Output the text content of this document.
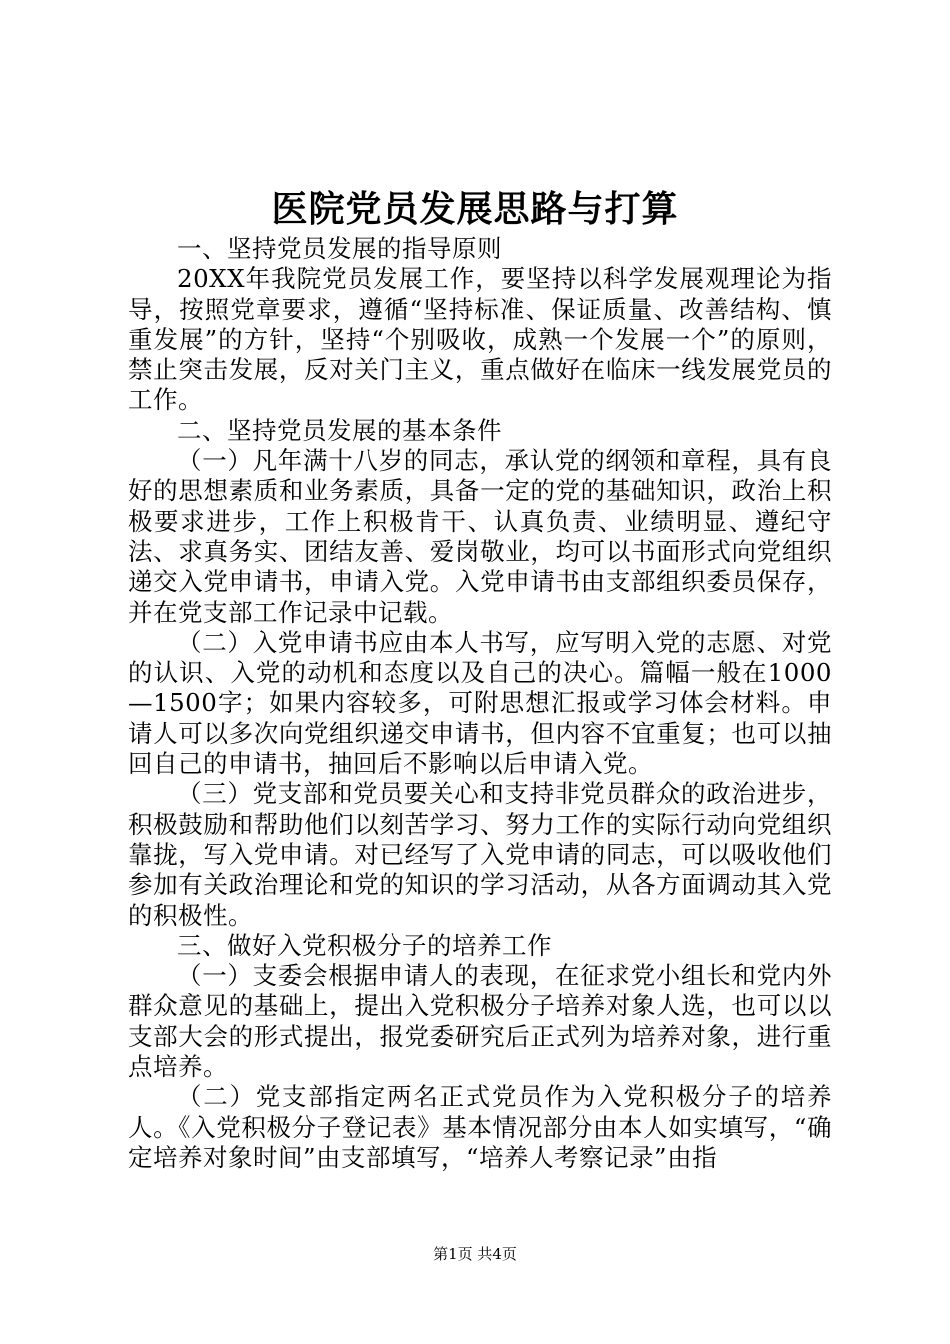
医院党员发展思路与打算

一、坚持党员发展的指导原则

20XX年我院党员发展工作，要坚持以科学发展观理论为指导，按照党章要求，遵循“坚持标准、保证质量、改善结构、慎重发展”的方针，坚持“个别吸收，成熟一个发展一个”的原则，禁止突击发展，反对关门主义，重点做好在临床一线发展党员的工作。

二、坚持党员发展的基本条件

（一）凡年满十八岁的同志，承认党的纲领和章程，具有良好的思想素质和业务素质，具备一定的党的基础知识，政治上积极要求进步，工作上积极肯干、认真负责、业绩明显、遵纪守法、求真务实、团结友善、爱岗敬业，均可以书面形式向党组织递交入党申请书，申请入党。入党申请书由支部组织委员保存，并在党支部工作记录中记载。

（二）入党申请书应由本人书写，应写明入党的志愿、对党的认识、入党的动机和态度以及自己的决心。篇幅一般在1000—1500字；如果内容较多，可附思想汇报或学习体会材料。申请人可以多次向党组织递交申请书，但内容不宜重复；也可以抽回自己的申请书，抽回后不影响以后申请入党。

（三）党支部和党员要关心和支持非党员群众的政治进步，积极鼓励和帮助他们以刻苦学习、努力工作的实际行动向党组织靠拢，写入党申请。对已经写了入党申请的同志，可以吸收他们参加有关政治理论和党的知识的学习活动，从各方面调动其入党的积极性。

三、做好入党积极分子的培养工作

（一）支委会根据申请人的表现，在征求党小组长和党内外群众意见的基础上，提出入党积极分子培养对象人选，也可以以支部大会的形式提出，报党委研究后正式列为培养对象，进行重点培养。

（二）党支部指定两名正式党员作为入党积极分子的培养人。《入党积极分子登记表》基本情况部分由本人如实填写，“确定培养对象时间”由支部填写，“培养人考察记录”由指

第1页 共4页
